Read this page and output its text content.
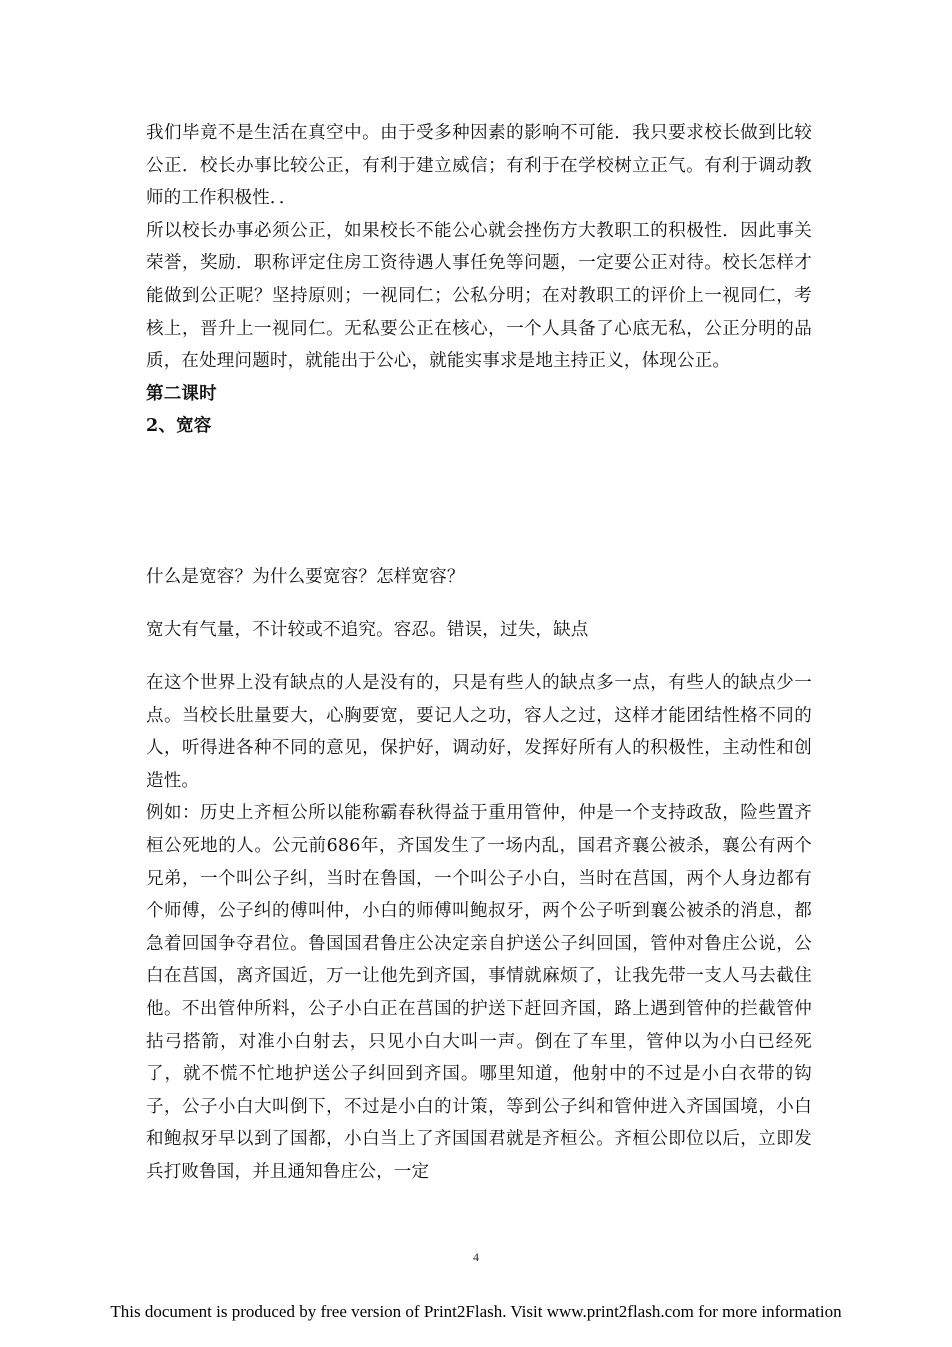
我们毕竟不是生活在真空中。由于受多种因素的影响不可能．我只要求校长做到比较公正．校长办事比较公正，有利于建立威信；有利于在学校树立正气。有利于调动教师的工作积极性．．

所以校长办事必须公正，如果校长不能公心就会挫伤方大教职工的积极性．因此事关荣誉，奖励．职称评定住房工资待遇人事任免等问题，一定要公正对待。校长怎样才能做到公正呢？坚持原则；一视同仁；公私分明；在对教职工的评价上一视同仁，考核上，晋升上一视同仁。无私要公正在核心，一个人具备了心底无私，公正分明的品质，在处理问题时，就能出于公心，就能实事求是地主持正义，体现公正。

第二课时

2、宽容

什么是宽容？为什么要宽容？怎样宽容？

宽大有气量，不计较或不追究。容忍。错误，过失，缺点

在这个世界上没有缺点的人是没有的，只是有些人的缺点多一点，有些人的缺点少一点。当校长肚量要大，心胸要宽，要记人之功，容人之过，这样才能团结性格不同的人，听得进各种不同的意见，保护好，调动好，发挥好所有人的积极性，主动性和创造性。

例如：历史上齐桓公所以能称霸春秋得益于重用管仲，仲是一个支持政敌，险些置齐桓公死地的人。公元前686年，齐国发生了一场内乱，国君齐襄公被杀，襄公有两个兄弟，一个叫公子纠，当时在鲁国，一个叫公子小白，当时在莒国，两个人身边都有个师傅，公子纠的傅叫仲，小白的师傅叫鲍叔牙，两个公子听到襄公被杀的消息，都急着回国争夺君位。鲁国国君鲁庄公决定亲自护送公子纠回国，管仲对鲁庄公说，公白在莒国，离齐国近，万一让他先到齐国，事情就麻烦了，让我先带一支人马去截住他。不出管仲所料，公子小白正在莒国的护送下赶回齐国，路上遇到管仲的拦截管仲拈弓搭箭，对准小白射去，只见小白大叫一声。倒在了车里，管仲以为小白已经死了，就不慌不忙地护送公子纠回到齐国。哪里知道，他射中的不过是小白衣带的钩子，公子小白大叫倒下，不过是小白的计策，等到公子纠和管仲进入齐国国境，小白和鲍叔牙早以到了国都，小白当上了齐国国君就是齐桓公。齐桓公即位以后，立即发兵打败鲁国，并且通知鲁庄公，一定

4
This document is produced by free version of Print2Flash. Visit www.print2flash.com for more information
